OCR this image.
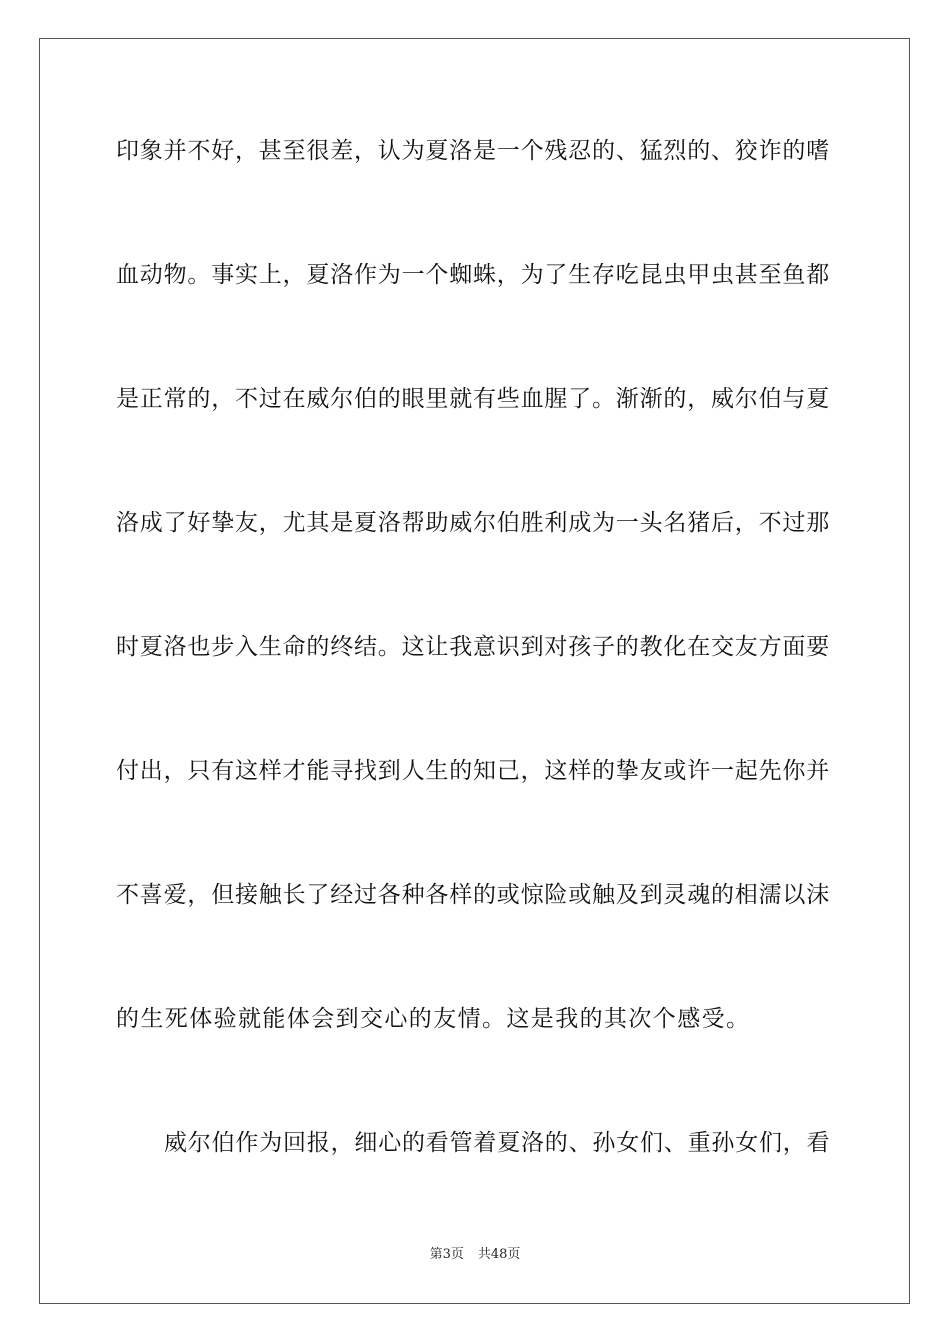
印象并不好，甚至很差，认为夏洛是一个残忍的、猛烈的、狡诈的嗜
血动物。事实上，夏洛作为一个蜘蛛，为了生存吃昆虫甲虫甚至鱼都
是正常的，不过在威尔伯的眼里就有些血腥了。渐渐的，威尔伯与夏
洛成了好挚友，尤其是夏洛帮助威尔伯胜利成为一头名猪后，不过那
时夏洛也步入生命的终结。这让我意识到对孩子的教化在交友方面要
付出，只有这样才能寻找到人生的知己，这样的挚友或许一起先你并
不喜爱，但接触长了经过各种各样的或惊险或触及到灵魂的相濡以沫
的生死体验就能体会到交心的友情。这是我的其次个感受。
威尔伯作为回报，细心的看管着夏洛的、孙女们、重孙女们，看
第3页 共48页
